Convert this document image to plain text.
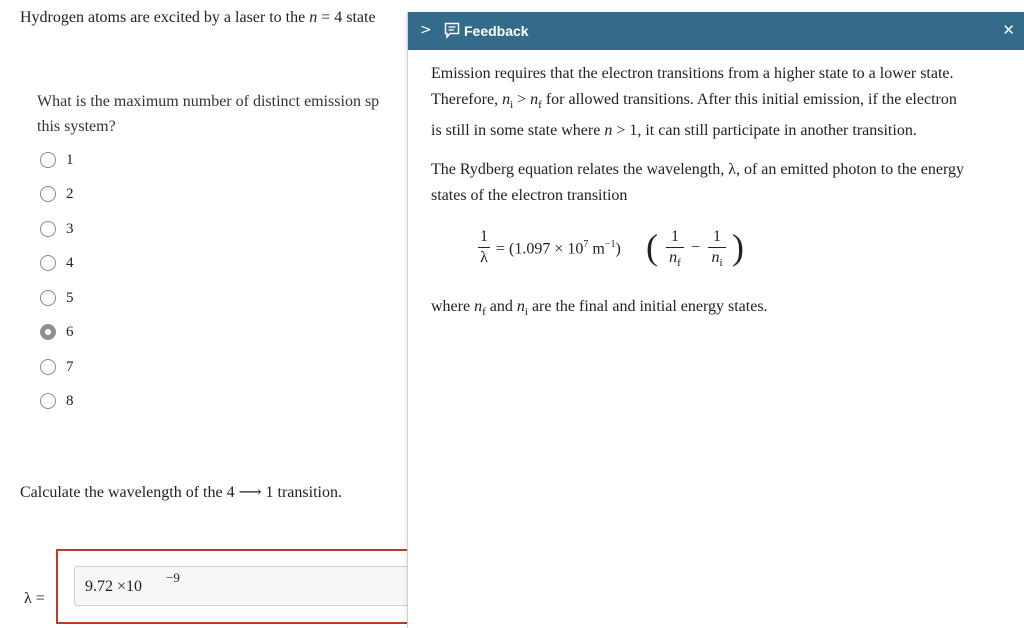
Hydrogen atoms are excited by a laser to the n = 4 state
What is the maximum number of distinct emission sp
this system?
1
2
3
4
5
6
7
8
Calculate the wavelength of the 4 ⟶ 1 transition.
λ =
9.72 ×10
−9
> Feedback	✕
Emission requires that the electron transitions from a higher state to a lower state.
Therefore, $n_i > n_f$ for allowed transitions. After this initial emission, if the electron
is still in some state where n > 1, it can still participate in another transition.
The Rydberg equation relates the wavelength, λ, of an emitted photon to the energy
states of the electron transition
1
λ
= ($1.097 \times 10^7$ $m^{-1}$) ( 1
$n_f$
−
1
$n_i$ )
where $n_f$ and $n_i$ are the final and initial energy states.
